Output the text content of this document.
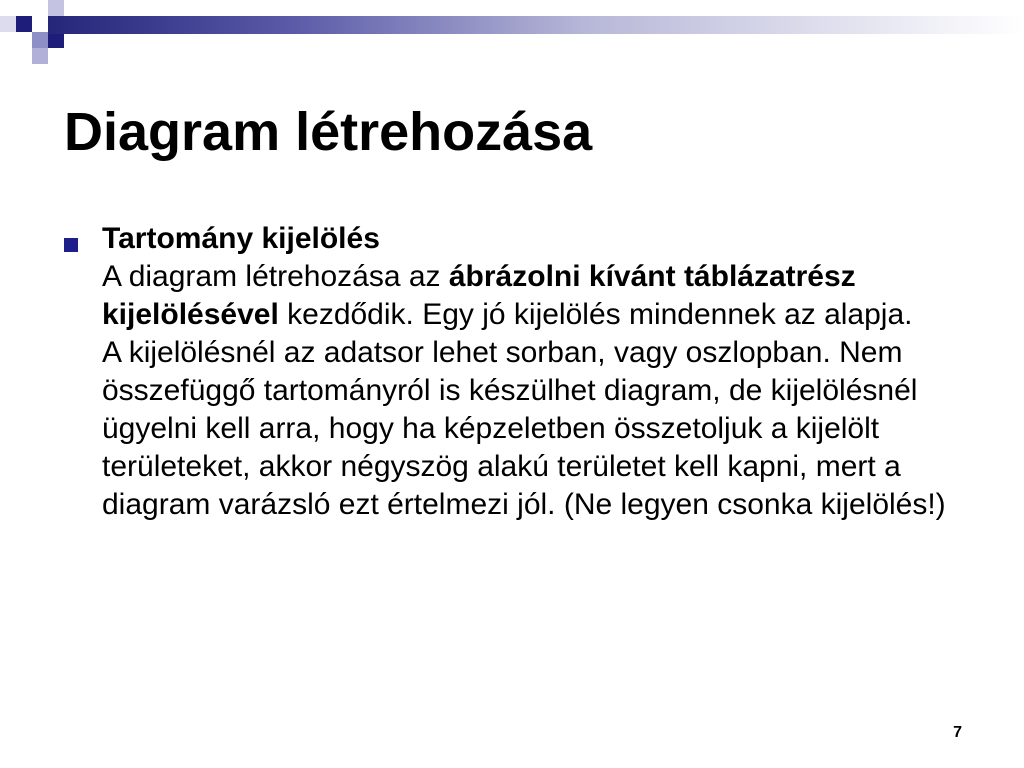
Diagram létrehozása
Tartomány kijelölés
A diagram létrehozása az ábrázolni kívánt táblázatrész kijelölésével kezdődik. Egy jó kijelölés mindennek az alapja.
A kijelölésnél az adatsor lehet sorban, vagy oszlopban. Nem összefüggő tartományról is készülhet diagram, de kijelölésnél ügyelni kell arra, hogy ha képzeletben összetoljuk a kijelölt területeket, akkor négyszög alakú területet kell kapni, mert a diagram varázsló ezt értelmezi jól. (Ne legyen csonka kijelölés!)
7
